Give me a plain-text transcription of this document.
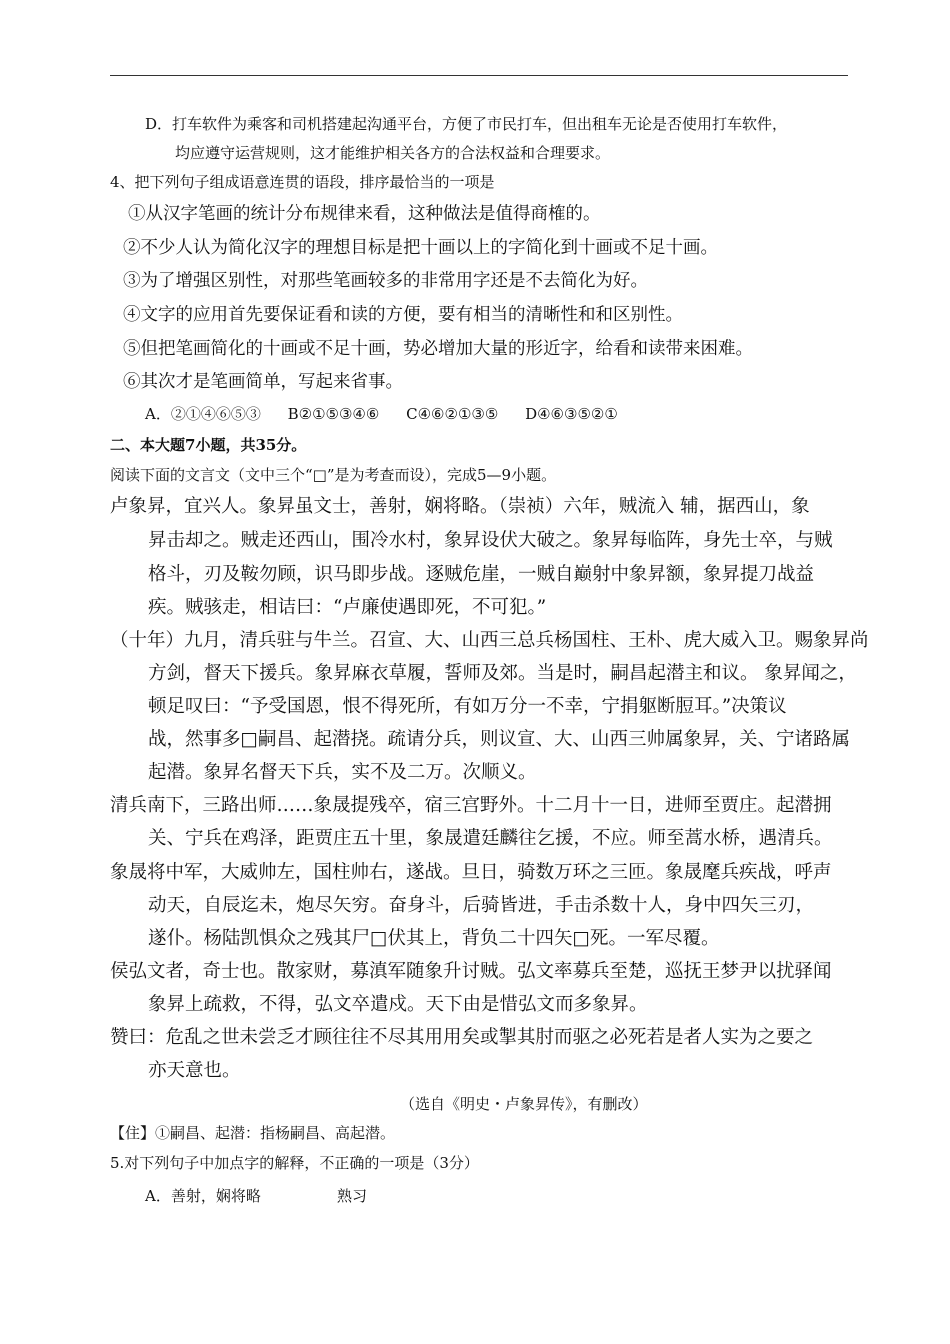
D．打车软件为乘客和司机搭建起沟通平台，方便了市民打车，但出租车无论是否使用打车软件，
均应遵守运营规则，这才能维护相关各方的合法权益和合理要求。
4、把下列句子组成语意连贯的语段，排序最恰当的一项是
①从汉字笔画的统计分布规律来看，这种做法是值得商榷的。
②不少人认为简化汉字的理想目标是把十画以上的字简化到十画或不足十画。
③为了增强区别性，对那些笔画较多的非常用字还是不去简化为好。
④文字的应用首先要保证看和读的方便，要有相当的清晰性和和区别性。
⑤但把笔画简化的十画或不足十画，势必增加大量的形近字，给看和读带来困难。
⑥其次才是笔画简单，写起来省事。
A．②①④⑥⑤③ B②①⑤③④⑥ C④⑥②①③⑤ D④⑥③⑤②①
二、本大题7小题，共35分。
阅读下面的文言文（文中三个“□”是为考查而设），完成5—9小题。
卢象昇，宜兴人。象昇虽文士，善射，娴将略。（崇祯）六年，贼流入 辅，据西山，象
昇击却之。贼走还西山，围冷水村，象昇设伏大破之。象昇每临阵，身先士卒，与贼
格斗，刃及鞍勿顾，识马即步战。逐贼危崖，一贼自巅射中象昇额，象昇提刀战益
疾。贼骇走，相诘曰：“卢廉使遇即死，不可犯。”
（十年）九月，清兵驻与牛兰。召宣、大、山西三总兵杨国柱、王朴、虎大威入卫。赐象昇尚
方剑，督天下援兵。象昇麻衣草履，誓师及郊。当是时，嗣昌起潜主和议。 象昇闻之，
顿足叹曰：“予受国恩，恨不得死所，有如万分一不幸，宁捐躯断脰耳。”决策议
战，然事多□嗣昌、起潜挠。疏请分兵，则议宣、大、山西三帅属象昇，关、宁诸路属
起潜。象昇名督天下兵，实不及二万。次顺义。
清兵南下，三路出师……象晟提残卒，宿三宫野外。十二月十一日，进师至贾庄。起潜拥
关、宁兵在鸡泽，距贾庄五十里，象晟遣廷麟往乞援，不应。师至蒿水桥，遇清兵。
象晟将中军，大威帅左，国柱帅右，遂战。旦日，骑数万环之三匝。象晟麾兵疾战，呼声
动天，自辰迄未，炮尽矢穷。奋身斗，后骑皆进，手击杀数十人，身中四矢三刃，
遂仆。杨陆凯惧众之残其尸□伏其上，背负二十四矢□死。一军尽覆。
侯弘文者，奇士也。散家财，募滇军随象升讨贼。弘文率募兵至楚，巡抚王梦尹以扰驿闻
象昇上疏救，不得，弘文卒遣戍。天下由是惜弘文而多象昇。
赞曰：危乱之世未尝乏才顾往往不尽其用用矣或掣其肘而驱之必死若是者人实为之要之
亦天意也。
（选自《明史・卢象昇传》，有删改）
【住】①嗣昌、起潜：指杨嗣昌、高起潜。
5.对下列句子中加点字的解释，不正确的一项是（3分）
A．善射，娴将略	熟习
